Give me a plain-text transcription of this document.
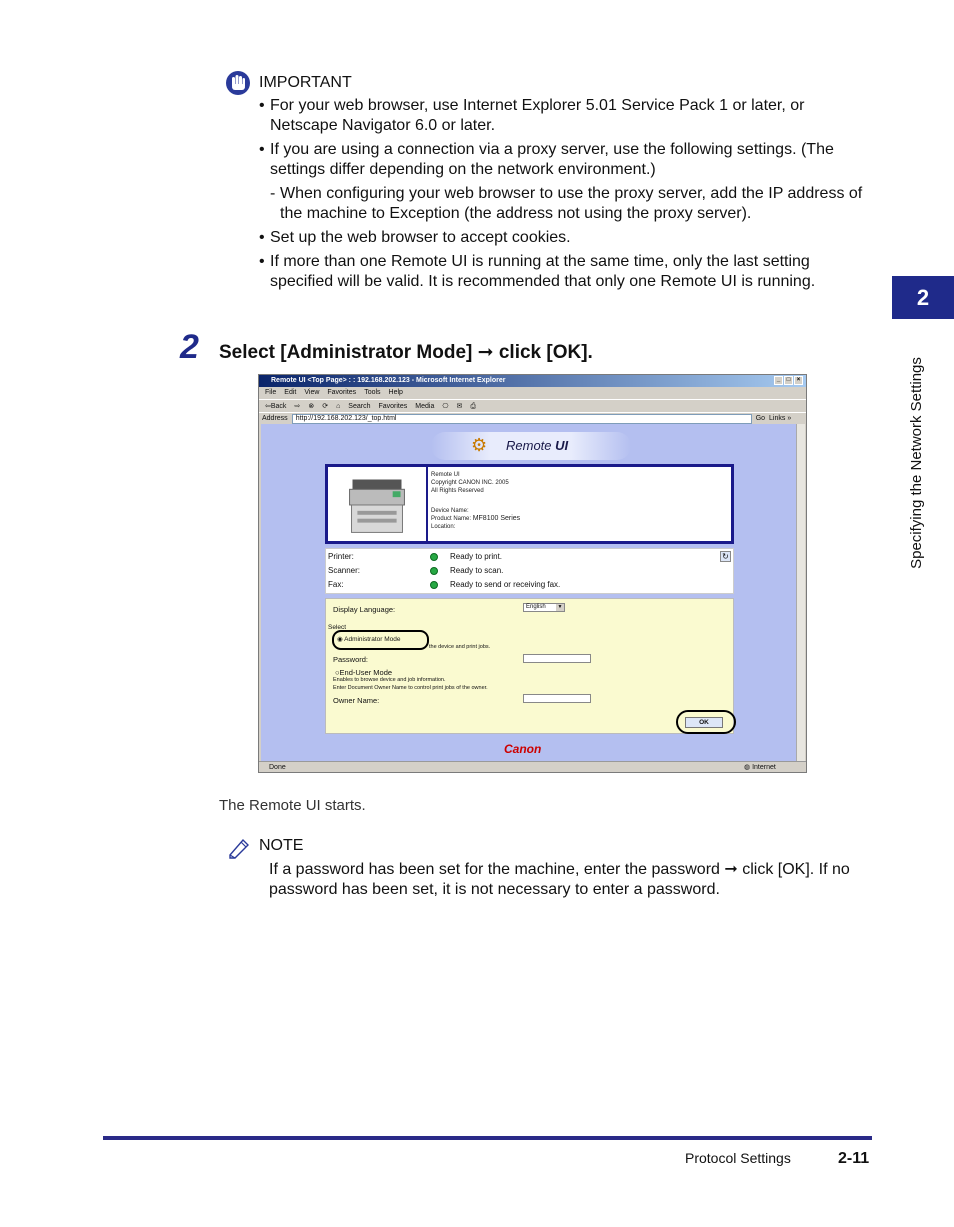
IMPORTANT
• For your web browser, use Internet Explorer 5.01 Service Pack 1 or later, or Netscape Navigator 6.0 or later.
• If you are using a connection via a proxy server, use the following settings. (The settings differ depending on the network environment.)
- When configuring your web browser to use the proxy server, add the IP address of the machine to Exception (the address not using the proxy server).
• Set up the web browser to accept cookies.
• If more than one Remote UI is running at the same time, only the last setting specified will be valid. It is recommended that only one Remote UI is running.
2 Select [Administrator Mode] ➞ click [OK].
Remote UI <Top Page> : : 192.168.202.123 - Microsoft Internet Explorer	_	□	×
File Edit View Favorites Tools Help
⇦Back ⇨ ⊗ ⟳ ⌂ Search Favorites Media ⎔ ✉ ⎙
Address	http://192.168.202.123/_top.html	Go Links »
⚙ Remote UI
Remote UI
Copyright CANON INC. 2005
All Rights Reserved
Device Name:
Product Name: MF8100 Series
Location:
Printer:	Ready to print.
Scanner:	Ready to scan.
Fax:	Ready to send or receiving fax.
↻
Display Language:	English	▼
Select
◉ Administrator Mode
the device and print jobs.
Password:
○End-User Mode
Enables to browse device and job information.
Enter Document Owner Name to control print jobs of the owner.
Owner Name:
OK
Canon
Done	◍ Internet
The Remote UI starts.
NOTE
If a password has been set for the machine, enter the password ➞ click [OK]. If no password has been set, it is not necessary to enter a password.
2
Specifying the Network Settings
Protocol Settings	2-11
